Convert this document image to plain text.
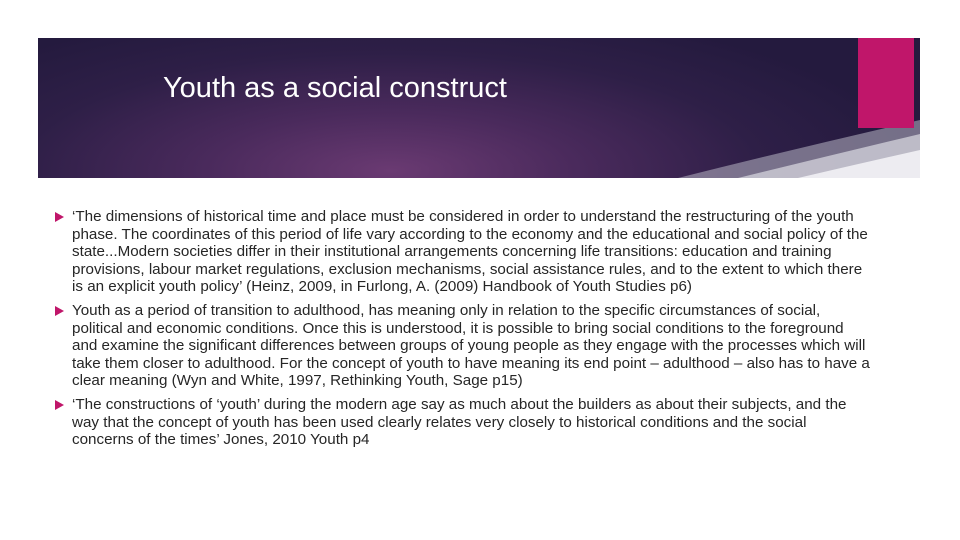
Youth as a social construct

‘The dimensions of historical time and place must be considered in order to understand the restructuring of the youth phase. The coordinates of this period of life vary according to the economy and the educational and social policy of the state...Modern societies differ in their institutional arrangements concerning life transitions: education and training provisions, labour market regulations, exclusion mechanisms, social assistance rules, and to the extent to which there is an explicit youth policy’ (Heinz, 2009, in Furlong, A. (2009) Handbook of Youth Studies p6)

Youth as a period of transition to adulthood, has meaning only in relation to the specific circumstances of social, political and economic conditions. Once this is understood, it is possible to bring social conditions to the foreground and examine the significant differences between groups of young people as they engage with the processes which will take them closer to adulthood. For the concept of youth to have meaning its end point – adulthood – also has to have a clear meaning (Wyn and White, 1997, Rethinking Youth, Sage p15)

‘The constructions of ‘youth’ during the modern age say as much about the builders as about their subjects, and the way that the concept of youth has been used clearly relates very closely to historical conditions and the social concerns of the times’ Jones, 2010 Youth p4
